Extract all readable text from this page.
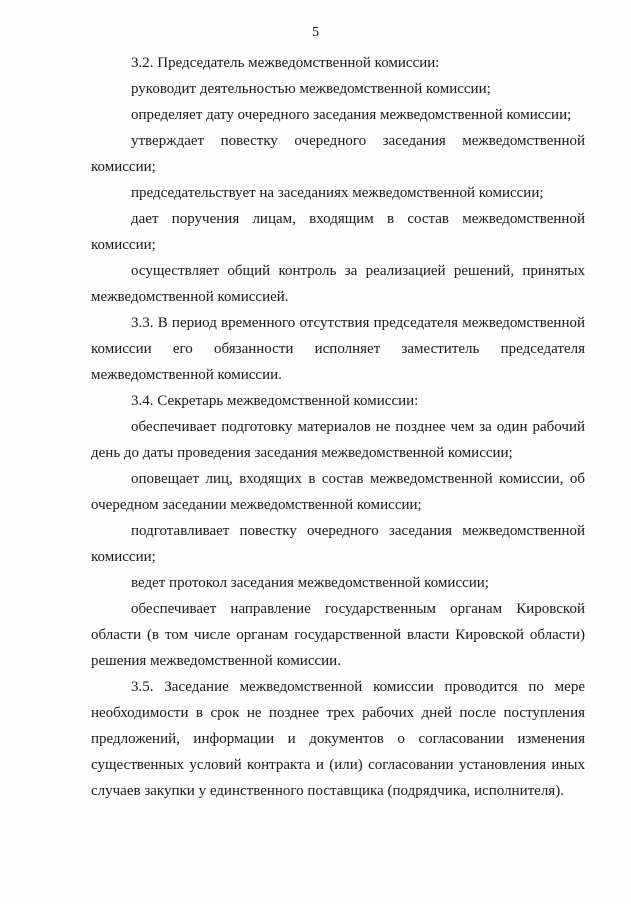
5

3.2. Председатель межведомственной комиссии:

руководит деятельностью межведомственной комиссии;

определяет дату очередного заседания межведомственной комиссии;

утверждает повестку очередного заседания межведомственной комиссии;

председательствует на заседаниях межведомственной комиссии;

дает поручения лицам, входящим в состав межведомственной комиссии;

осуществляет общий контроль за реализацией решений, принятых межведомственной комиссией.

3.3. В период временного отсутствия председателя межведомственной комиссии его обязанности исполняет заместитель председателя межведомственной комиссии.

3.4. Секретарь межведомственной комиссии:

обеспечивает подготовку материалов не позднее чем за один рабочий день до даты проведения заседания межведомственной комиссии;

оповещает лиц, входящих в состав межведомственной комиссии, об очередном заседании межведомственной комиссии;

подготавливает повестку очередного заседания межведомственной комиссии;

ведет протокол заседания межведомственной комиссии;

обеспечивает направление государственным органам Кировской области (в том числе органам государственной власти Кировской области) решения межведомственной комиссии.

3.5. Заседание межведомственной комиссии проводится по мере необходимости в срок не позднее трех рабочих дней после поступления предложений, информации и документов о согласовании изменения существенных условий контракта и (или) согласовании установления иных случаев закупки у единственного поставщика (подрядчика, исполнителя).
